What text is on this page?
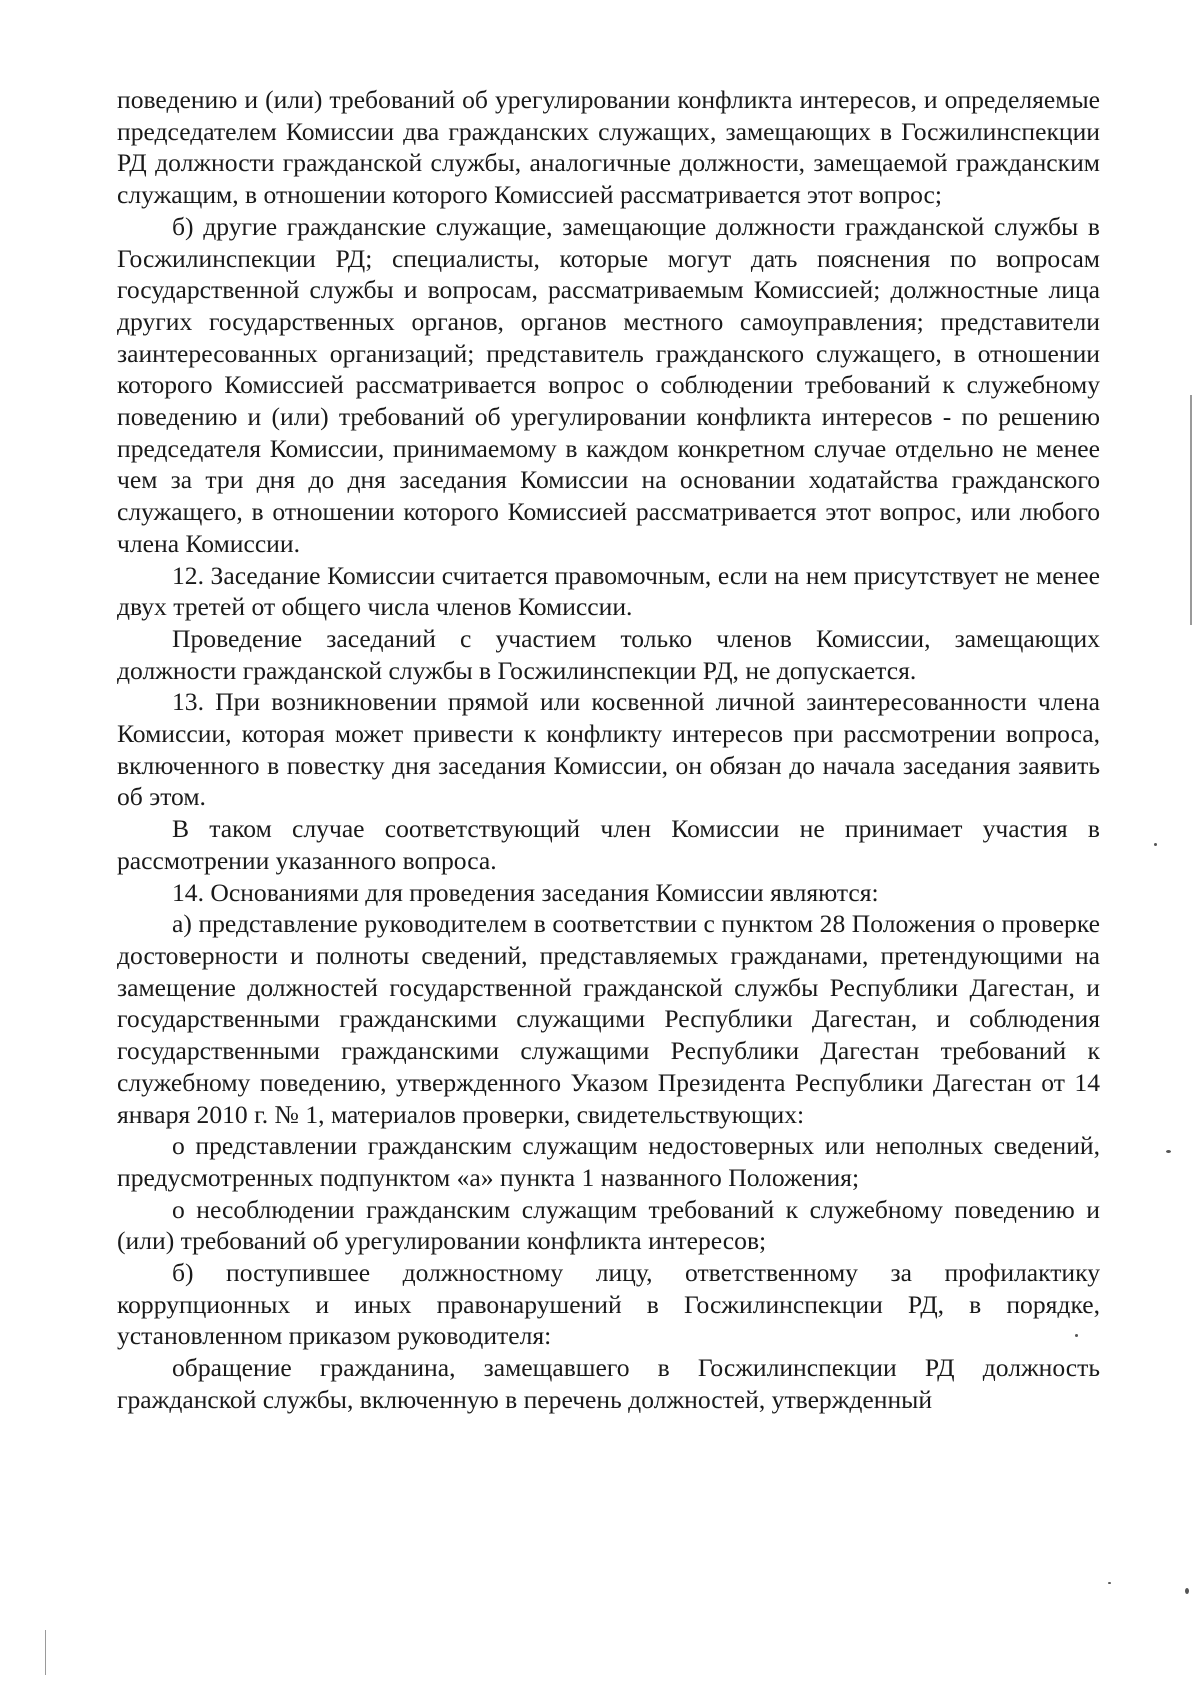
поведению и (или) требований об урегулировании конфликта интересов, и определяемые председателем Комиссии два гражданских служащих, замещающих в Госжилинспекции РД должности гражданской службы, аналогичные должности, замещаемой гражданским служащим, в отношении которого Комиссией рассматривается этот вопрос;

б) другие гражданские служащие, замещающие должности гражданской службы в Госжилинспекции РД; специалисты, которые могут дать пояснения по вопросам государственной службы и вопросам, рассматриваемым Комиссией; должностные лица других государственных органов, органов местного самоуправления; представители заинтересованных организаций; представитель гражданского служащего, в отношении которого Комиссией рассматривается вопрос о соблюдении требований к служебному поведению и (или) требований об урегулировании конфликта интересов - по решению председателя Комиссии, принимаемому в каждом конкретном случае отдельно не менее чем за три дня до дня заседания Комиссии на основании ходатайства гражданского служащего, в отношении которого Комиссией рассматривается этот вопрос, или любого члена Комиссии.

12. Заседание Комиссии считается правомочным, если на нем присутствует не менее двух третей от общего числа членов Комиссии.

Проведение заседаний с участием только членов Комиссии, замещающих должности гражданской службы в Госжилинспекции РД, не допускается.

13. При возникновении прямой или косвенной личной заинтересованности члена Комиссии, которая может привести к конфликту интересов при рассмотрении вопроса, включенного в повестку дня заседания Комиссии, он обязан до начала заседания заявить об этом.

В таком случае соответствующий член Комиссии не принимает участия в рассмотрении указанного вопроса.

14. Основаниями для проведения заседания Комиссии являются:

а) представление руководителем в соответствии с пунктом 28 Положения о проверке достоверности и полноты сведений, представляемых гражданами, претендующими на замещение должностей государственной гражданской службы Республики Дагестан, и государственными гражданскими служащими Республики Дагестан, и соблюдения государственными гражданскими служащими Республики Дагестан требований к служебному поведению, утвержденного Указом Президента Республики Дагестан от 14 января 2010 г. № 1, материалов проверки, свидетельствующих:

о представлении гражданским служащим недостоверных или неполных сведений, предусмотренных подпунктом «а» пункта 1 названного Положения;

о несоблюдении гражданским служащим требований к служебному поведению и (или) требований об урегулировании конфликта интересов;

б) поступившее должностному лицу, ответственному за профилактику коррупционных и иных правонарушений в Госжилинспекции РД, в порядке, установленном приказом руководителя:

обращение гражданина, замещавшего в Госжилинспекции РД должность гражданской службы, включенную в перечень должностей, утвержденный
